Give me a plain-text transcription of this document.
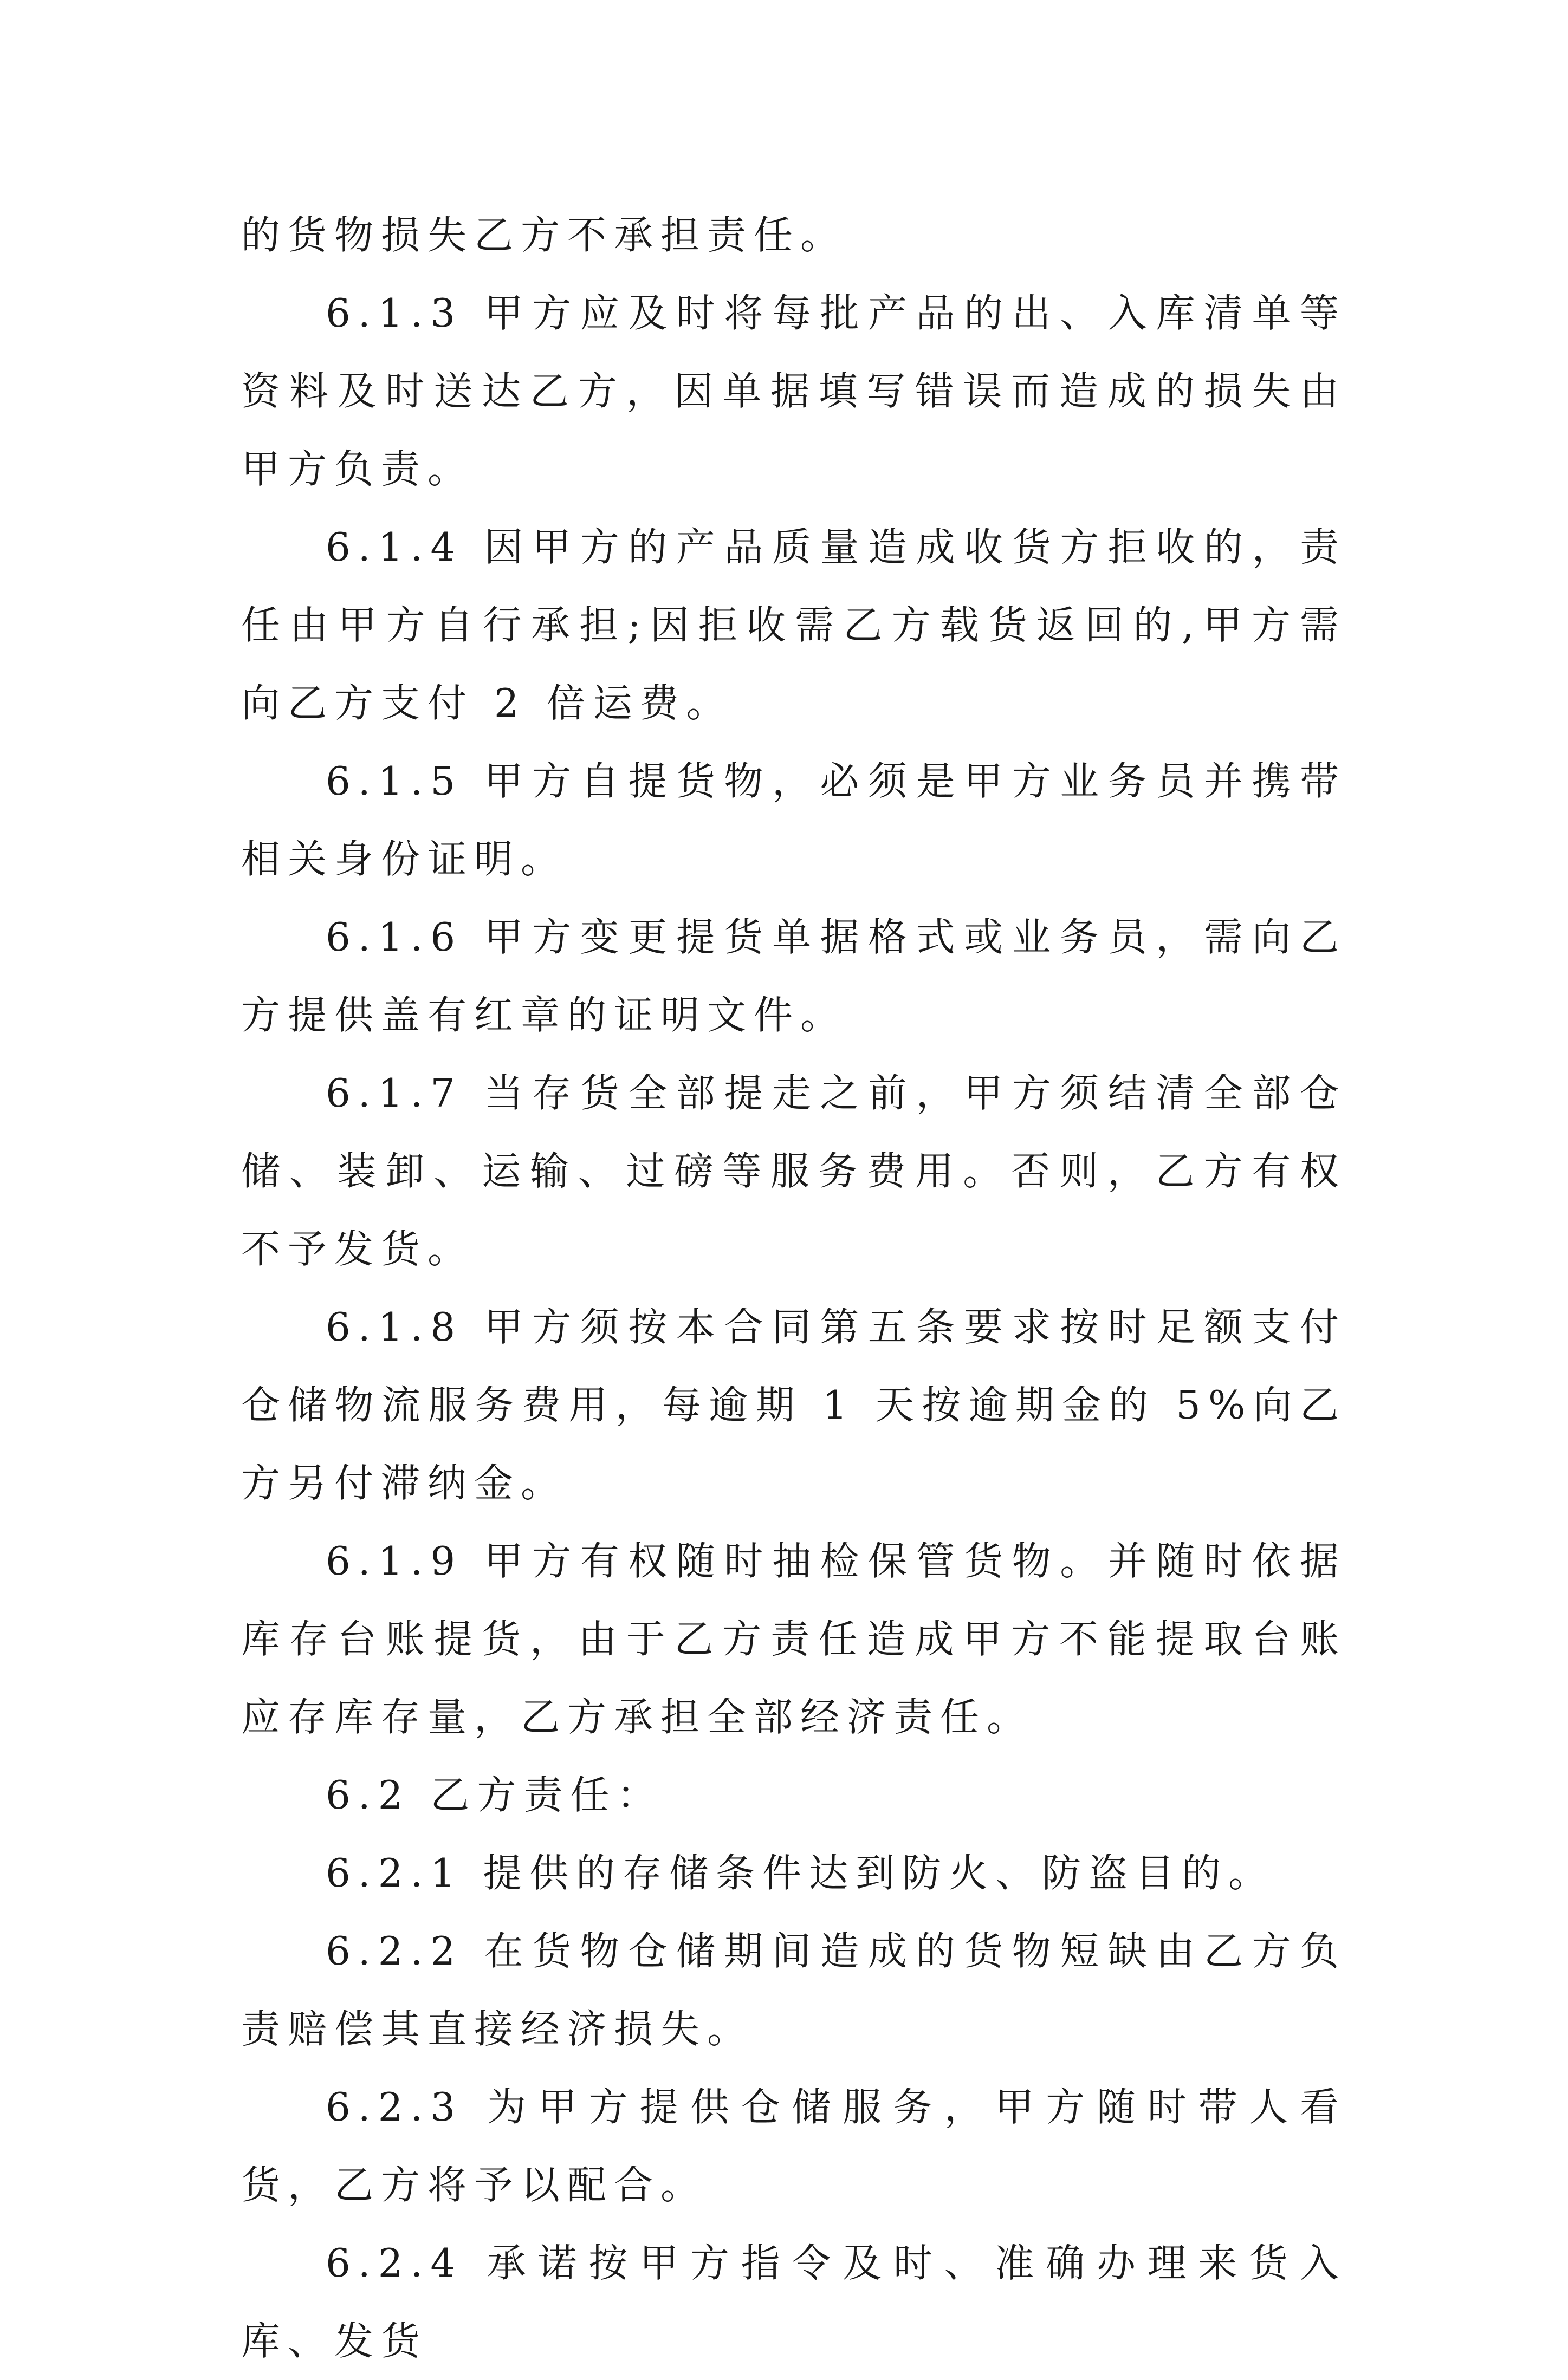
的货物损失乙方不承担责任。

6.1.3 甲方应及时将每批产品的出、入库清单等资料及时送达乙方，因单据填写错误而造成的损失由甲方负责。

6.1.4 因甲方的产品质量造成收货方拒收的，责任由甲方自行承担;因拒收需乙方载货返回的,甲方需向乙方支付 2 倍运费。

6.1.5 甲方自提货物，必须是甲方业务员并携带相关身份证明。

6.1.6 甲方变更提货单据格式或业务员，需向乙方提供盖有红章的证明文件。

6.1.7 当存货全部提走之前，甲方须结清全部仓储、装卸、运输、过磅等服务费用。否则，乙方有权不予发货。

6.1.8 甲方须按本合同第五条要求按时足额支付仓储物流服务费用，每逾期 1 天按逾期金的 5%向乙方另付滞纳金。

6.1.9 甲方有权随时抽检保管货物。并随时依据库存台账提货，由于乙方责任造成甲方不能提取台账应存库存量，乙方承担全部经济责任。

6.2 乙方责任：

6.2.1 提供的存储条件达到防火、防盗目的。

6.2.2 在货物仓储期间造成的货物短缺由乙方负责赔偿其直接经济损失。

6.2.3 为甲方提供仓储服务，甲方随时带人看货，乙方将予以配合。

6.2.4 承诺按甲方指令及时、准确办理来货入库、发货
